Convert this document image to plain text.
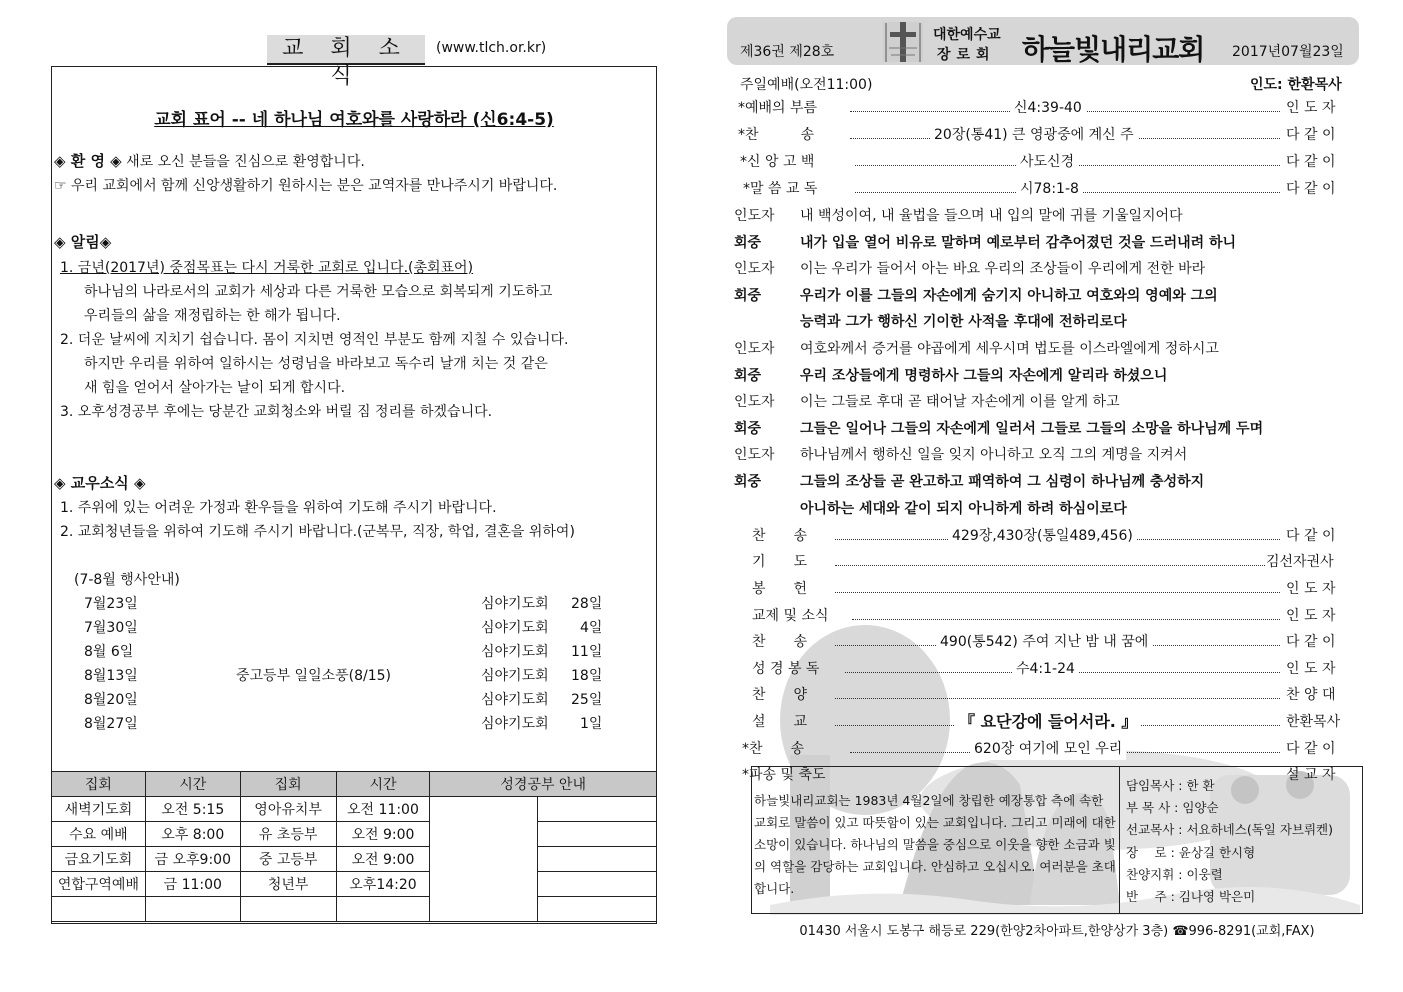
교 회 소 식
(www.tlch.or.kr)
교회 표어 -- 네 하나님 여호와를 사랑하라 (신6:4-5)
◈ 환 영 ◈ 새로 오신 분들을 진심으로 환영합니다.
☞ 우리 교회에서 함께 신앙생활하기 원하시는 분은 교역자를 만나주시기 바랍니다.
◈ 알림◈
1. 금년(2017년) 중점목표는 다시 거룩한 교회로 입니다.(총회표어)
하나님의 나라로서의 교회가 세상과 다른 거룩한 모습으로 회복되게 기도하고
우리들의 삶을 재정립하는 한 해가 됩니다.
2. 더운 날씨에 지치기 쉽습니다. 몸이 지치면 영적인 부분도 함께 지칠 수 있습니다.
하지만 우리를 위하여 일하시는 성령님을 바라보고 독수리 날개 치는 것 같은
새 힘을 얻어서 살아가는 날이 되게 합시다.
3. 오후성경공부 후에는 당분간 교회청소와 버릴 짐 정리를 하겠습니다.
◈ 교우소식 ◈
1. 주위에 있는 어려운 가정과 환우들을 위하여 기도해 주시기 바랍니다.
2. 교회청년들을 위하여 기도해 주시기 바랍니다.(군복무, 직장, 학업, 결혼을 위하여)
(7-8월 행사안내)
7월23일	심야기도회 28일
7월30일	심야기도회 4일
8월 6일	심야기도회 11일
8월13일	중고등부 일일소풍(8/15)	심야기도회 18일
8월20일	심야기도회 25일
8월27일	심야기도회 1일
집회	시간	집회	시간	성경공부 안내	
새벽기도회	오전 5:15	영아유치부	오전 11:00		
수요 예배	오후 8:00	유 초등부	오전 9:00		
금요기도회	금 오후9:00	중 고등부	오전 9:00		
연합구역예배	금 11:00	청년부	오후14:20		

제36권 제28호
대한예수교
장로회 하늘빛내리교회 2017년07월23일
주일예배(오전11:00)	인도: 한환목사
*예배의 부름	신4:39-40	인 도 자
*찬　　　송	20장(통41) 큰 영광중에 계신 주	다 같 이
*신 앙 고 백	사도신경	다 같 이
*말 씀 교 독	시78:1-8	다 같 이
인도자 내 백성이여, 내 율법을 들으며 내 입의 말에 귀를 기울일지어다
회중	내가 입을 열어 비유로 말하며 예로부터 감추어졌던 것을 드러내려 하니
인도자 이는 우리가 들어서 아는 바요 우리의 조상들이 우리에게 전한 바라
회중	우리가 이를 그들의 자손에게 숨기지 아니하고 여호와의 영예와 그의
능력과 그가 행하신 기이한 사적을 후대에 전하리로다
인도자 여호와께서 증거를 야곱에게 세우시며 법도를 이스라엘에게 정하시고
회중	우리 조상들에게 명령하사 그들의 자손에게 알리라 하셨으니
인도자 이는 그들로 후대 곧 태어날 자손에게 이를 알게 하고
회중	그들은 일어나 그들의 자손에게 일러서 그들로 그들의 소망을 하나님께 두며
인도자 하나님께서 행하신 일을 잊지 아니하고 오직 그의 계명을 지켜서
회중	그들의 조상들 곧 완고하고 패역하여 그 심령이 하나님께 충성하지
아니하는 세대와 같이 되지 아니하게 하려 하심이로다
찬　　송	429장,430장(통일489,456)	다 같 이
기　　도	김선자권사
봉　　헌	인 도 자
교제 및 소식	인 도 자
찬　　송	490(통542) 주여 지난 밤 내 꿈에	다 같 이
성 경 봉 독	수4:1-24	인 도 자
찬　　양	찬 양 대
설　　교	『 요단강에 들어서라. 』	한환목사
*찬　　송	620장 여기에 모인 우리	다 같 이
*파송 및 축도	설 교 자
하늘빛내리교회는 1983년 4월2일에 창립한 예장통합 측에 속한 교회로 말씀이 있고 따뜻함이 있는 교회입니다. 그리고 미래에 대한 소망이 있습니다. 하나님의 말씀을 중심으로 이웃을 향한 소금과 빛의 역할을 감당하는 교회입니다. 안심하고 오십시오. 여러분을 초대합니다.
담임목사 : 한 환
부 목 사 : 임양순
선교목사 : 서요하네스(독일 자브뤼켄)
장　 로 : 윤상길 한시형
찬양지휘 : 이웅렬
반　 주 : 김나영 박은미
01430 서울시 도봉구 해등로 229(한양2차아파트,한양상가 3층) ☎996-8291(교회,FAX)
